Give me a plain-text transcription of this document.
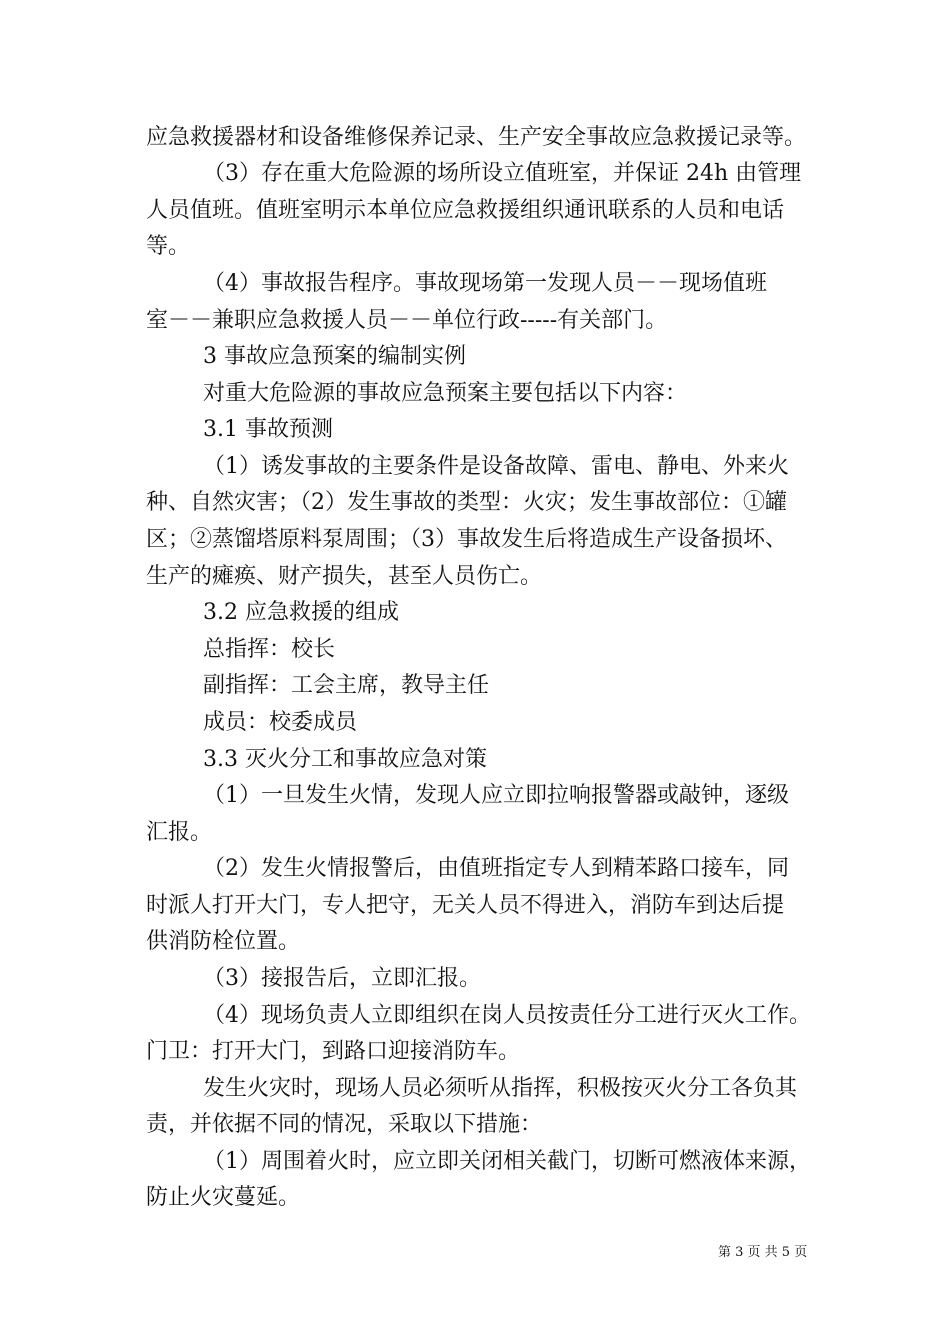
应急救援器材和设备维修保养记录、生产安全事故应急救援记录等。
（3）存在重大危险源的场所设立值班室，并保证 24h 由管理
人员值班。值班室明示本单位应急救援组织通讯联系的人员和电话
等。
（4）事故报告程序。事故现场第一发现人员－－现场值班
室－－兼职应急救援人员－－单位行政-----有关部门。
3 事故应急预案的编制实例
对重大危险源的事故应急预案主要包括以下内容：
3.1 事故预测
（1）诱发事故的主要条件是设备故障、雷电、静电、外来火
种、自然灾害；（2）发生事故的类型：火灾；发生事故部位：①罐
区；②蒸馏塔原料泵周围；（3）事故发生后将造成生产设备损坏、
生产的瘫痪、财产损失，甚至人员伤亡。
3.2 应急救援的组成
总指挥：校长
副指挥：工会主席，教导主任
成员：校委成员
3.3 灭火分工和事故应急对策
（1）一旦发生火情，发现人应立即拉响报警器或敲钟，逐级
汇报。
（2）发生火情报警后，由值班指定专人到精苯路口接车，同
时派人打开大门，专人把守，无关人员不得进入，消防车到达后提
供消防栓位置。
（3）接报告后，立即汇报。
（4）现场负责人立即组织在岗人员按责任分工进行灭火工作。
门卫：打开大门，到路口迎接消防车。
发生火灾时，现场人员必须听从指挥，积极按灭火分工各负其
责，并依据不同的情况，采取以下措施：
（1）周围着火时，应立即关闭相关截门，切断可燃液体来源，
防止火灾蔓延。
第 3 页 共 5 页
